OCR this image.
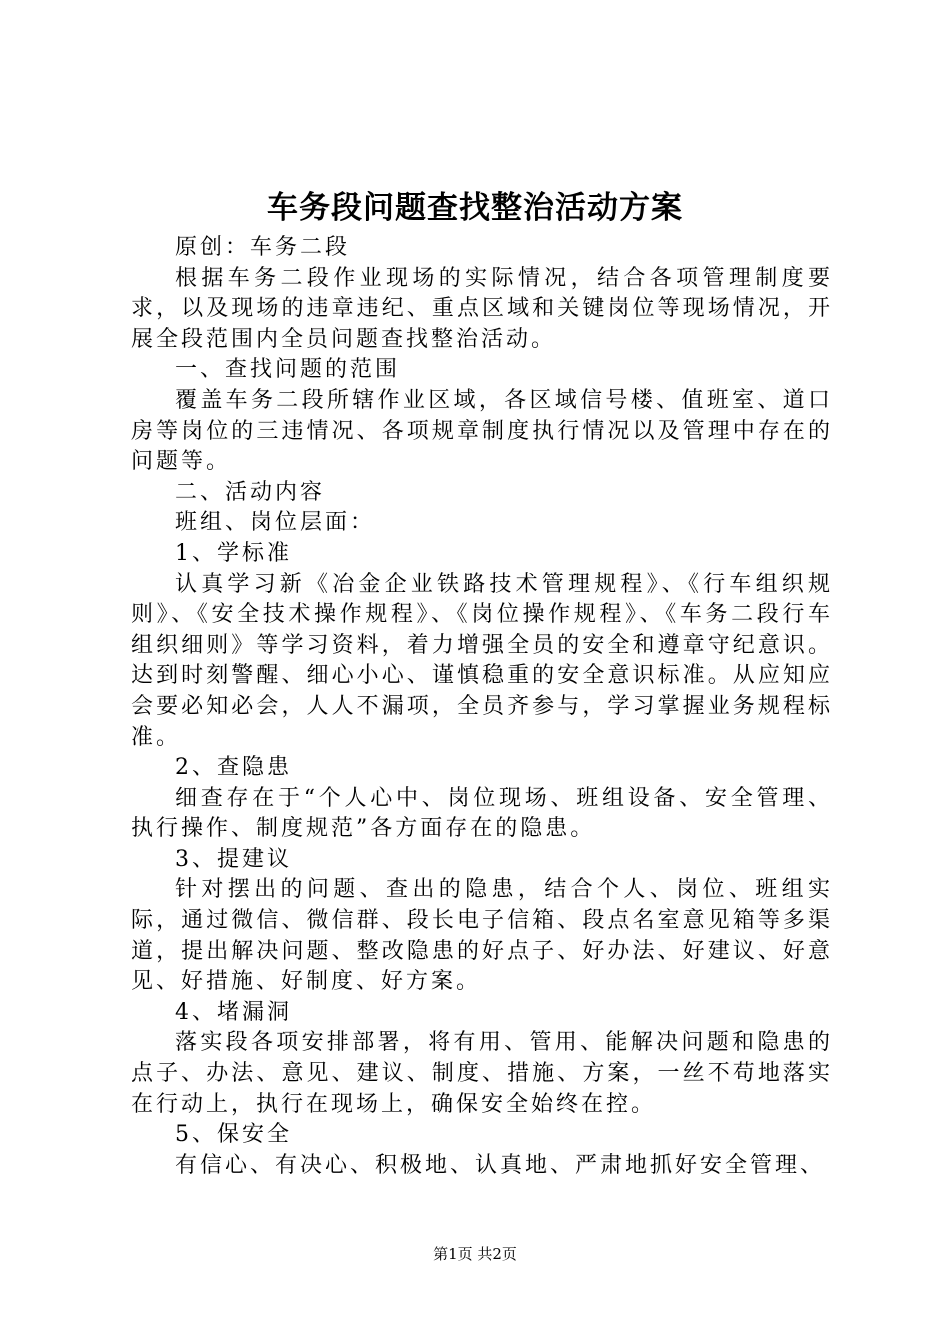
车务段问题查找整治活动方案

原创：车务二段

根据车务二段作业现场的实际情况，结合各项管理制度要求，以及现场的违章违纪、重点区域和关键岗位等现场情况，开展全段范围内全员问题查找整治活动。

一、查找问题的范围

覆盖车务二段所辖作业区域，各区域信号楼、值班室、道口房等岗位的三违情况、各项规章制度执行情况以及管理中存在的问题等。

二、活动内容

班组、岗位层面：

1、学标准

认真学习新《冶金企业铁路技术管理规程》、《行车组织规则》、《安全技术操作规程》、《岗位操作规程》、《车务二段行车组织细则》等学习资料，着力增强全员的安全和遵章守纪意识。达到时刻警醒、细心小心、谨慎稳重的安全意识标准。从应知应会要必知必会，人人不漏项，全员齐参与，学习掌握业务规程标准。

2、查隐患

细查存在于“个人心中、岗位现场、班组设备、安全管理、执行操作、制度规范”各方面存在的隐患。

3、提建议

针对摆出的问题、查出的隐患，结合个人、岗位、班组实际，通过微信、微信群、段长电子信箱、段点名室意见箱等多渠道，提出解决问题、整改隐患的好点子、好办法、好建议、好意见、好措施、好制度、好方案。

4、堵漏洞

落实段各项安排部署，将有用、管用、能解决问题和隐患的点子、办法、意见、建议、制度、措施、方案，一丝不苟地落实在行动上，执行在现场上，确保安全始终在控。

5、保安全

有信心、有决心、积极地、认真地、严肃地抓好安全管理、

第1页 共2页
